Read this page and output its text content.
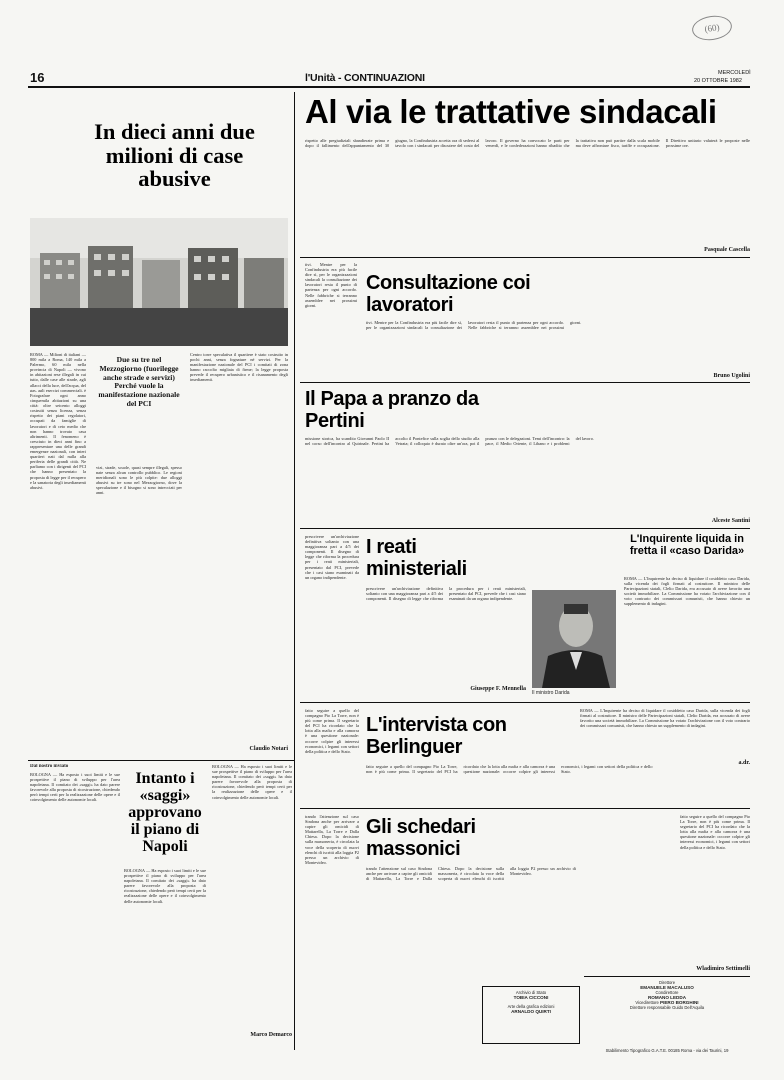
16	l'Unità - CONTINUAZIONI	MERCOLEDÌ
20 OTTOBRE 1982
(60)
In dieci anni due milioni di case abusive
ROMA — Milioni di italiani — 800 mila a Roma, 140 mila a Palermo, 60 mila nella provincia di Napoli — vivono in abitazioni rese illegali in cui tutto, dalle case alle strade, agli allacci della luce, dell'acqua, del gas, agli esercizi commerciali, è
Fotografare ogni anno cinquemila abitazioni su una città: oltre seicento alloggi costruiti senza licenza, senza rispetto dei piani regolatori, occupati da famiglie di lavoratori e di ceto medio che non hanno trovato casa altrimenti. Il fenomeno è cresciuto in dieci anni fino a rappresentare una delle grandi emergenze nazionali, con interi quartieri nati dal nulla alla periferia delle grandi città. Ne parliamo con i dirigenti del PCI che hanno presentato la proposta di legge per il recupero e la sanatoria degli insediamenti abusivi.
Due su tre nel Mezzogiorno (fuorilegge anche strade e servizi) Perché vuole la manifestazione nazionale del PCI
vizi, strade, scuole, quasi sempre illegali, spesso nate senza alcun controllo pubblico. Le regioni meridionali sono le più colpite: due alloggi abusivi su tre sono nel Mezzogiorno, dove la speculazione e il bisogno si sono intrecciati per anni.
Centro torre speculativa il quartiere è stato costruito in pochi anni, senza fognature né servizi. Per la manifestazione nazionale del PCI i comitati di zona hanno raccolto migliaia di firme; la legge proposta prevede il recupero urbanistico e il risanamento degli insediamenti.
Claudio Notari
Al via le trattative sindacali
rispetto alle pregiudiziali sbandierate prima e dopo il fallimento dell'appuntamento del 30 giugno, la Confindustria accetta ora di sedersi al tavolo con i sindacati per discutere del costo del lavoro. Il governo ha convocato le parti per venerdì, e le confederazioni hanno ribadito che la trattativa non può partire dalla scala mobile ma deve affrontare fisco, tariffe e occupazione. Il Direttivo unitario valuterà le proposte nelle prossime ore.
Pasquale Cascella
tivi. Mentre per la Confindustria era più facile dire sì, per le organizzazioni sindacali la consultazione dei lavoratori resta il punto di partenza per ogni accordo. Nelle fabbriche si terranno assemblee nei prossimi giorni.
Consultazione coi lavoratori
tivi. Mentre per la Confindustria era più facile dire sì, per le organizzazioni sindacali la consultazione dei lavoratori resta il punto di partenza per ogni accordo. Nelle fabbriche si terranno assemblee nei prossimi giorni.
Bruno Ugolini
Il Papa a pranzo da Pertini
missione storica, ha scandito Giovanni Paolo II nel corso dell'incontro al Quirinale. Pertini ha accolto il Pontefice sulla soglia dello studio alla Vetrata; il colloquio è durato oltre un'ora, poi il pranzo con le delegazioni. Temi dell'incontro: la pace, il Medio Oriente, il Libano e i problemi del lavoro.
Alceste Santini
prescrivere un'archiviazione definitiva soltanto con una maggioranza pari a 4/5 dei componenti. Il disegno di legge che riforma la procedura per i reati ministeriali, presentato dal PCI, prevede che i casi siano esaminati da un organo indipendente.
I reati ministeriali
prescrivere un'archiviazione definitiva soltanto con una maggioranza pari a 4/5 dei componenti. Il disegno di legge che riforma la procedura per i reati ministeriali, presentato dal PCI, prevede che i casi siano esaminati da un organo indipendente.
Giuseppe F. Mennella
Il ministro Darida
L'Inquirente liquida in fretta il «caso Darida»
ROMA — L'Inquirente ha deciso di liquidare il cosiddetto caso Darida, sulla vicenda dei fogli firmati al costruttore. Il ministro delle Partecipazioni statali, Clelio Darida, era accusato di avere favorito una società immobiliare. La Commissione ha votato l'archiviazione con il voto contrario dei commissari comunisti, che hanno chiesto un supplemento di indagini.
fatto seguire a quello del compagno Pio La Torre, non è più come prima. Il segretario del PCI ha ricordato che la lotta alla mafia e alla camorra è una questione nazionale: occorre colpire gli interessi economici, i legami con settori della politica e dello Stato.
L'intervista con Berlinguer
fatto seguire a quello del compagno Pio La Torre, non è più come prima. Il segretario del PCI ha ricordato che la lotta alla mafia e alla camorra è una questione nazionale: occorre colpire gli interessi economici, i legami con settori della politica e dello Stato.
ROMA — L'Inquirente ha deciso di liquidare il cosiddetto caso Darida, sulla vicenda dei fogli firmati al costruttore. Il ministro delle Partecipazioni statali, Clelio Darida, era accusato di avere favorito una società immobiliare. La Commissione ha votato l'archiviazione con il voto contrario dei commissari comunisti, che hanno chiesto un supplemento di indagini.
a.dr.
Dal nostro inviato
BOLOGNA — Ha esposto i suoi limiti e le sue prospettive il piano di sviluppo per l'area napoletana. Il comitato dei «saggi» ha dato parere favorevole alla proposta di ricostruzione, chiedendo però tempi certi per la realizzazione delle opere e il coinvolgimento delle autonomie locali.
Intanto i «saggi» approvano il piano di Napoli
BOLOGNA — Ha esposto i suoi limiti e le sue prospettive il piano di sviluppo per l'area napoletana. Il comitato dei «saggi» ha dato parere favorevole alla proposta di ricostruzione, chiedendo però tempi certi per la realizzazione delle opere e il coinvolgimento delle autonomie locali.
BOLOGNA — Ha esposto i suoi limiti e le sue prospettive il piano di sviluppo per l'area napoletana. Il comitato dei «saggi» ha dato parere favorevole alla proposta di ricostruzione, chiedendo però tempi certi per la realizzazione delle opere e il coinvolgimento delle autonomie locali.
Marco Demarco
trando l'attenzione sul caso Sindona anche per arrivare a capire gli omicidi di Mattarella, La Torre e Dalla Chiesa. Dopo la decisione sulla massoneria, è circolata la voce della scoperta di nuovi elenchi di iscritti alla loggia P2 presso un archivio di Montevideo.
Gli schedari massonici
trando l'attenzione sul caso Sindona anche per arrivare a capire gli omicidi di Mattarella, La Torre e Dalla Chiesa. Dopo la decisione sulla massoneria, è circolata la voce della scoperta di nuovi elenchi di iscritti alla loggia P2 presso un archivio di Montevideo.
fatto seguire a quello del compagno Pio La Torre, non è più come prima. Il segretario del PCI ha ricordato che la lotta alla mafia e alla camorra è una questione nazionale: occorre colpire gli interessi economici, i legami con settori della politica e dello Stato.
Wladimiro Settimelli
Direttore
EMANUELE MACALUSO
Condirettore
ROMANO LEDDA
Vicedirettore PIERO BORGHINI
Direttore responsabile Guido Dell'Aquila
Archivio di Stato
TOBIA CICCONI
Arte della grafica edizioni
ARNALDO QUIRTI
Stabilimento Tipografico G.A.T.E. 00185 Roma - via dei Taurini, 19
